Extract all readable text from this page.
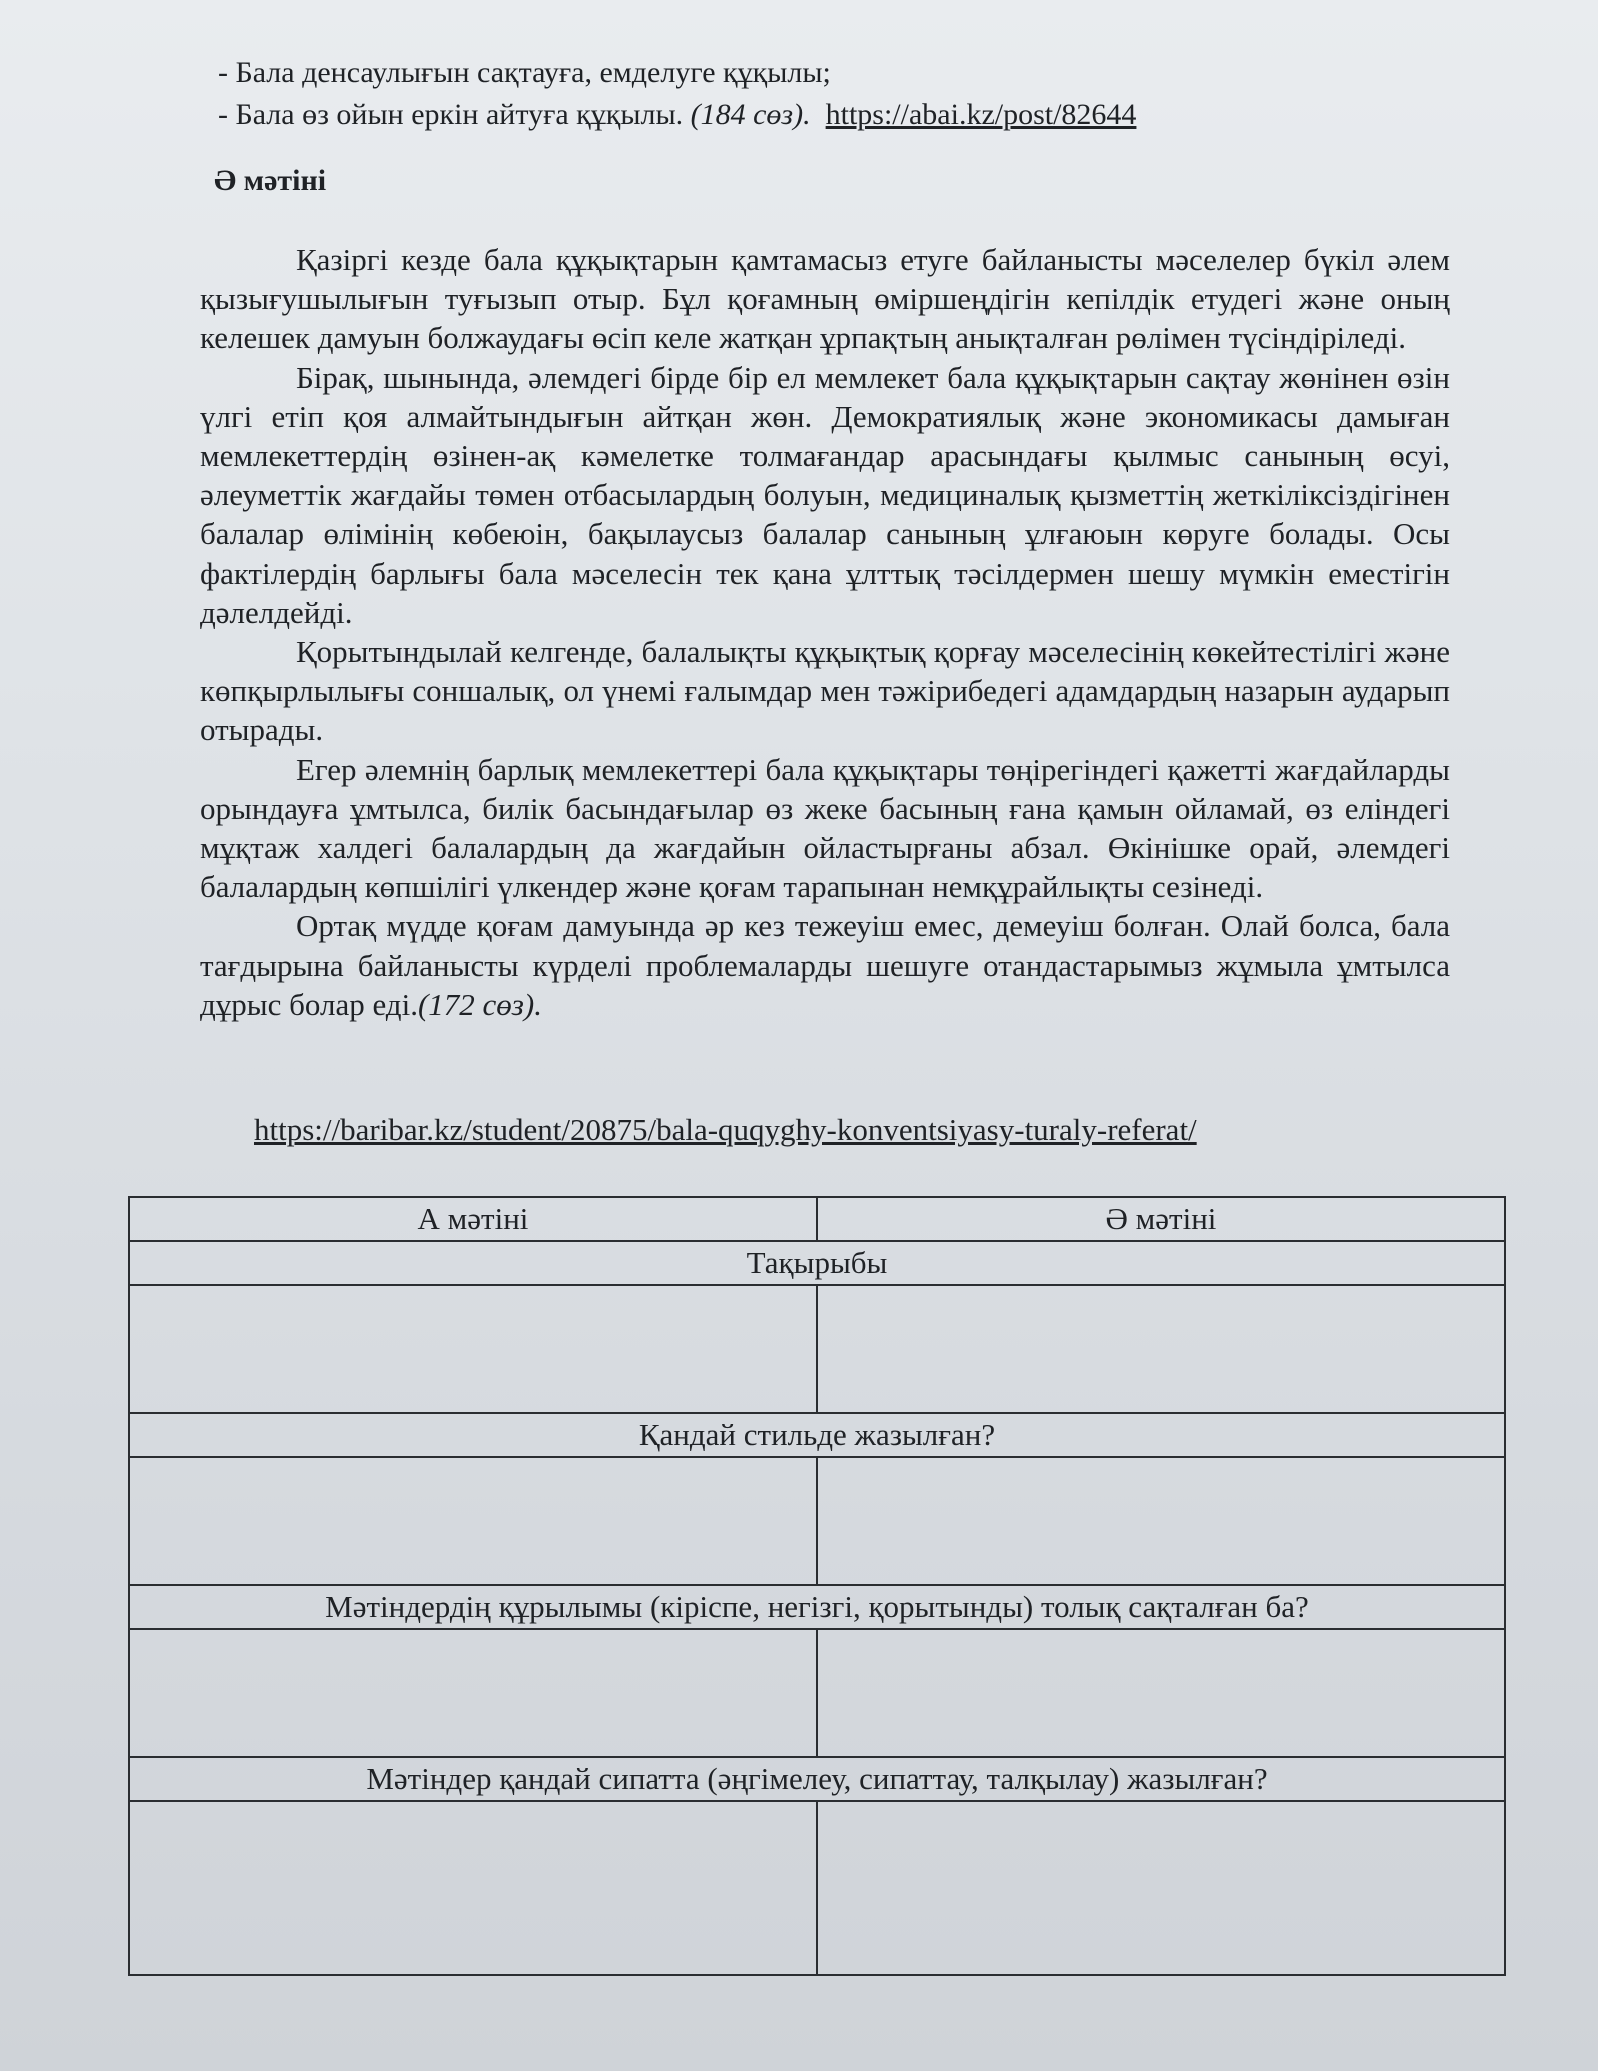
- Бала денсаулығын сақтауға, емделуге құқылы;
- Бала өз ойын еркін айтуға құқылы. (184 сөз). https://abai.kz/post/82644
Ә мәтіні

Қазіргі кезде бала құқықтарын қамтамасыз етуге байланысты мәселелер бүкіл әлем қызығушылығын туғызып отыр. Бұл қоғамның өміршеңдігін кепілдік етудегі және оның келешек дамуын болжаудағы өсіп келе жатқан ұрпақтың анықталған рөлімен түсіндіріледі.

Бірақ, шынында, әлемдегі бірде бір ел мемлекет бала құқықтарын сақтау жөнінен өзін үлгі етіп қоя алмайтындығын айтқан жөн. Демократиялық және экономикасы дамыған мемлекеттердің өзінен-ақ кәмелетке толмағандар арасындағы қылмыс санының өсуі, әлеуметтік жағдайы төмен отбасылардың болуын, медициналық қызметтің жеткіліксіздігінен балалар өлімінің көбеюін, бақылаусыз балалар санының ұлғаюын көруге болады. Осы фактілердің барлығы бала мәселесін тек қана ұлттық тәсілдермен шешу мүмкін еместігін дәлелдейді.

Қорытындылай келгенде, балалықты құқықтық қорғау мәселесінің көкейтестілігі және көпқырлылығы соншалық, ол үнемі ғалымдар мен тәжірибедегі адамдардың назарын аударып отырады.

Егер әлемнің барлық мемлекеттері бала құқықтары төңірегіндегі қажетті жағдайларды орындауға ұмтылса, билік басындағылар өз жеке басының ғана қамын ойламай, өз еліндегі мұқтаж халдегі балалардың да жағдайын ойластырғаны абзал. Өкінішке орай, әлемдегі балалардың көпшілігі үлкендер және қоғам тарапынан немқұрайлықты сезінеді.

Ортақ мүдде қоғам дамуында әр кез тежеуіш емес, демеуіш болған. Олай болса, бала тағдырына байланысты күрделі проблемаларды шешуге отандастарымыз жұмыла ұмтылса дұрыс болар еді.(172 сөз).

https://baribar.kz/student/20875/bala-quqyghy-konventsiyasy-turaly-referat/
А мәтіні	Ә мәтіні
Тақырыбы	

Қандай стильде жазылған?	

Мәтіндердің құрылымы (кіріспе, негізгі, қорытынды) толық сақталған ба?	

Мәтіндер қандай сипатта (әңгімелеу, сипаттау, талқылау) жазылған?	
